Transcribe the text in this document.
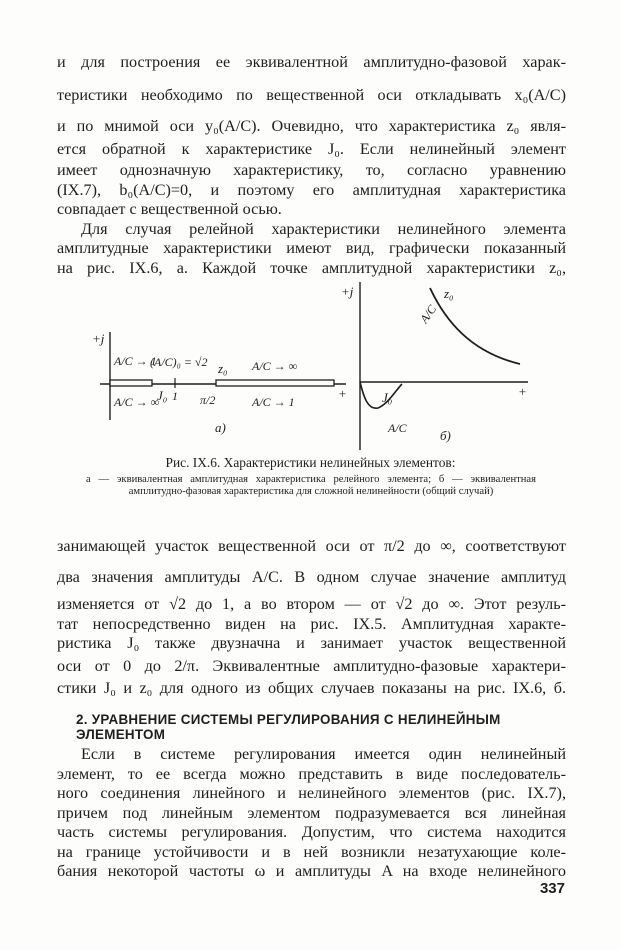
и для построения ее эквивалентной амплитудно-фазовой харак-
теристики необходимо по вещественной оси откладывать x₀(A/C)
и по мнимой оси y₀(A/C). Очевидно, что характеристика z₀ явля-
ется обратной к характеристике J₀. Если нелинейный элемент
имеет однозначную характеристику, то, согласно уравнению
(IX.7), b₀(A/C)=0, и поэтому его амплитудная характеристика
совпадает с вещественной осью.
Для случая релейной характеристики нелинейного элемента
амплитудные характеристики имеют вид, графически показанный
на рис. IX.6, а. Каждой точке амплитудной характеристики z₀,
+j
A/C → 1
(A/C)₀ = √2
A/C → ∞
J₀ 1
z₀ A/C → ∞
π/2	A/C → 1
+
а)
+j	z₀
A/C
J₀
A/C
+
б)
Рис. IX.6. Характеристики нелинейных элементов:
а — эквивалентная амплитудная характеристика релейного элемента; б — эквивалентная амплитудно-фазовая характеристика для сложной нелинейности (общий случай)
занимающей участок вещественной оси от π/2 до ∞, соответствуют
два значения амплитуды A/C. В одном случае значение амплитуд
изменяется от √2 до 1, а во втором — от √2 до ∞. Этот резуль-
тат непосредственно виден на рис. IX.5. Амплитудная характе-
ристика J₀ также двузначна и занимает участок вещественной
оси от 0 до 2/π. Эквивалентные амплитудно-фазовые характери-
стики J₀ и z₀ для одного из общих случаев показаны на рис. IX.6, б.
2. УРАВНЕНИЕ СИСТЕМЫ РЕГУЛИРОВАНИЯ С НЕЛИНЕЙНЫМ ЭЛЕМЕНТОМ
Если в системе регулирования имеется один нелинейный
элемент, то ее всегда можно представить в виде последователь-
ного соединения линейного и нелинейного элементов (рис. IX.7),
причем под линейным элементом подразумевается вся линейная
часть системы регулирования. Допустим, что система находится
на границе устойчивости и в ней возникли незатухающие коле-
бания некоторой частоты ω и амплитуды A на входе нелинейного
337
